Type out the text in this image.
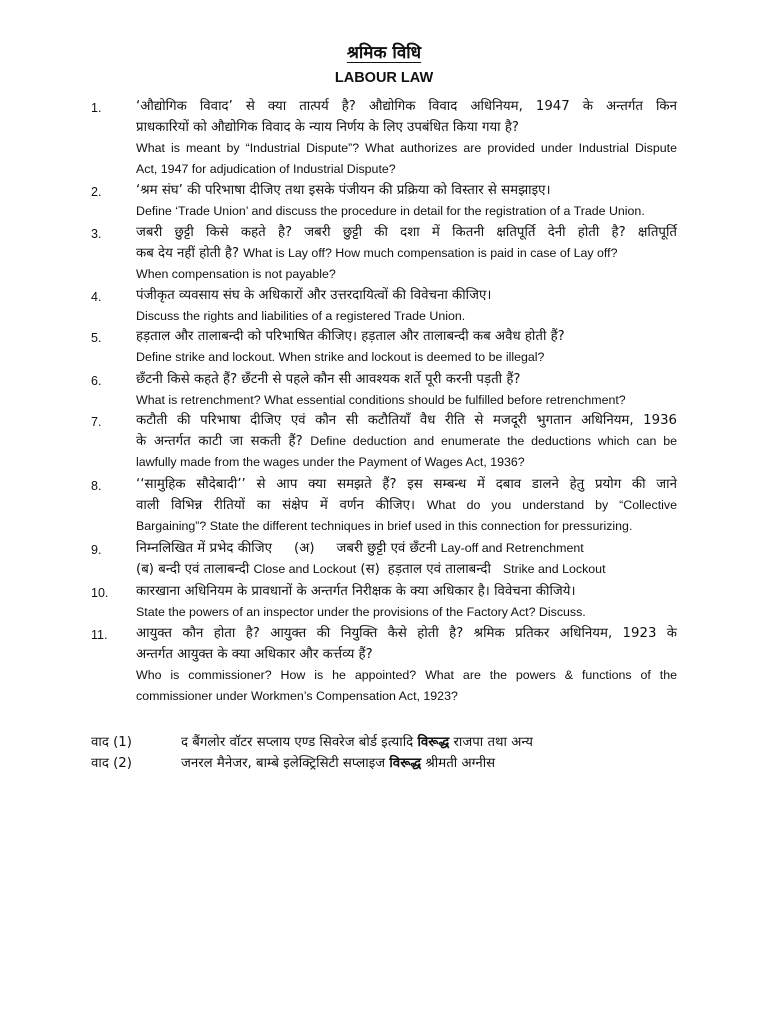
श्रमिक विधि
LABOUR LAW
1.	‘औद्योगिक विवाद’ से क्या तात्पर्य है? औद्योगिक विवाद अधिनियम, 1947 के अन्तर्गत किन
प्राधकारियों को औद्योगिक विवाद के न्याय निर्णय के लिए उपबंधित किया गया है?
What is meant by “Industrial Dispute”? What authorizes are provided under Industrial Dispute
Act, 1947 for adjudication of Industrial Dispute?
2.	‘श्रम संघ’ की परिभाषा दीजिए तथा इसके पंजीयन की प्रक्रिया को विस्तार से समझाइए।
Define ‘Trade Union’ and discuss the procedure in detail for the registration of a Trade Union.
3.	जबरी छुट्टी किसे कहते है? जबरी छुट्टी की दशा में कितनी क्षतिपूर्ति देनी होती है? क्षतिपूर्ति
कब देय नहीं होती है? What is Lay off? How much compensation is paid in case of Lay off?
When compensation is not payable?
4.	पंजीकृत व्यवसाय संघ के अधिकारों और उत्तरदायित्वों की विवेचना कीजिए।
Discuss the rights and liabilities of a registered Trade Union.
5.	हड़ताल और तालाबन्दी को परिभाषित कीजिए। हड़ताल और तालाबन्दी कब अवैध होती हैं?
Define strike and lockout. When strike and lockout is deemed to be illegal?
6.	छँटनी किसे कहते हैं? छँटनी से पहले कौन सी आवश्यक शर्ते पूरी करनी पड़ती हैं?
What is retrenchment? What essential conditions should be fulfilled before retrenchment?
7.	कटौती की परिभाषा दीजिए एवं कौन सी कटौतियाँ वैध रीति से मजदूरी भुगतान अधिनियम, 1936
के अन्तर्गत काटी जा सकती हैं? Define deduction and enumerate the deductions which can be
lawfully made from the wages under the Payment of Wages Act, 1936?
8.	‘‘सामुहिक सौदेबादी’’ से आप क्या समझते हैं? इस सम्बन्ध में दबाव डालने हेतु प्रयोग की जाने
वाली विभिन्न रीतियों का संक्षेप में वर्णन कीजिए। What do you understand by “Collective
Bargaining”? State the different techniques in brief used in this connection for pressurizing.
9.	निम्नलिखित में प्रभेद कीजिए (अ) जबरी छुट्टी एवं छँटनी Lay-off and Retrenchment
(ब) बन्दी एवं तालाबन्दी Close and Lockout (स) हड़ताल एवं तालाबन्दी Strike and Lockout
10.	कारखाना अधिनियम के प्रावधानों के अन्तर्गत निरीक्षक के क्या अधिकार है। विवेचना कीजिये।
State the powers of an inspector under the provisions of the Factory Act? Discuss.
11.	आयुक्त कौन होता है? आयुक्त की नियुक्ति कैसे होती है? श्रमिक प्रतिकर अधिनियम, 1923 के
अन्तर्गत आयुक्त के क्या अधिकार और कर्त्तव्य हैं?
Who is commissioner? How is he appointed? What are the powers & functions of the
commissioner under Workmen’s Compensation Act, 1923?
वाद (1)	द बैंगलोर वॉटर सप्लाय एण्ड सिवरेज बोर्ड इत्यादि विरूद्ध राजपा तथा अन्य
वाद (2)	जनरल मैनेजर, बाम्बे इलेक्ट्रिसिटी सप्लाइज विरूद्ध श्रीमती अग्नीस
